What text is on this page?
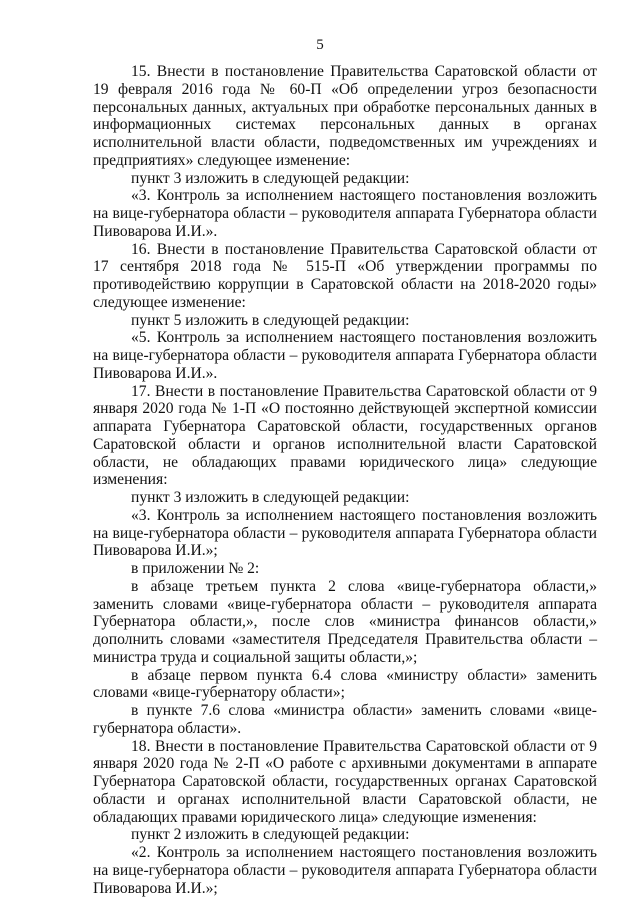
5

15. Внести в постановление Правительства Саратовской области от 19 февраля 2016 года № 60-П «Об определении угроз безопасности персональных данных, актуальных при обработке персональных данных в информационных системах персональных данных в органах исполнительной власти области, подведомственных им учреждениях и предприятиях» следующее изменение:

пункт 3 изложить в следующей редакции:

«3. Контроль за исполнением настоящего постановления возложить на вице-губернатора области – руководителя аппарата Губернатора области Пивоварова И.И.».

16. Внести в постановление Правительства Саратовской области от 17 сентября 2018 года № 515-П «Об утверждении программы по противодействию коррупции в Саратовской области на 2018-2020 годы» следующее изменение:

пункт 5 изложить в следующей редакции:

«5. Контроль за исполнением настоящего постановления возложить на вице-губернатора области – руководителя аппарата Губернатора области Пивоварова И.И.».

17. Внести в постановление Правительства Саратовской области от 9 января 2020 года № 1-П «О постоянно действующей экспертной комиссии аппарата Губернатора Саратовской области, государственных органов Саратовской области и органов исполнительной власти Саратовской области, не обладающих правами юридического лица» следующие изменения:

пункт 3 изложить в следующей редакции:

«3. Контроль за исполнением настоящего постановления возложить на вице-губернатора области – руководителя аппарата Губернатора области Пивоварова И.И.»;

в приложении № 2:

в абзаце третьем пункта 2 слова «вице-губернатора области,» заменить словами «вице-губернатора области – руководителя аппарата Губернатора области,», после слов «министра финансов области,» дополнить словами «заместителя Председателя Правительства области – министра труда и социальной защиты области,»;

в абзаце первом пункта 6.4 слова «министру области» заменить словами «вице-губернатору области»;

в пункте 7.6 слова «министра области» заменить словами «вице-губернатора области».

18. Внести в постановление Правительства Саратовской области от 9 января 2020 года № 2-П «О работе с архивными документами в аппарате Губернатора Саратовской области, государственных органах Саратовской области и органах исполнительной власти Саратовской области, не обладающих правами юридического лица» следующие изменения:

пункт 2 изложить в следующей редакции:

«2. Контроль за исполнением настоящего постановления возложить на вице-губернатора области – руководителя аппарата Губернатора области Пивоварова И.И.»;
